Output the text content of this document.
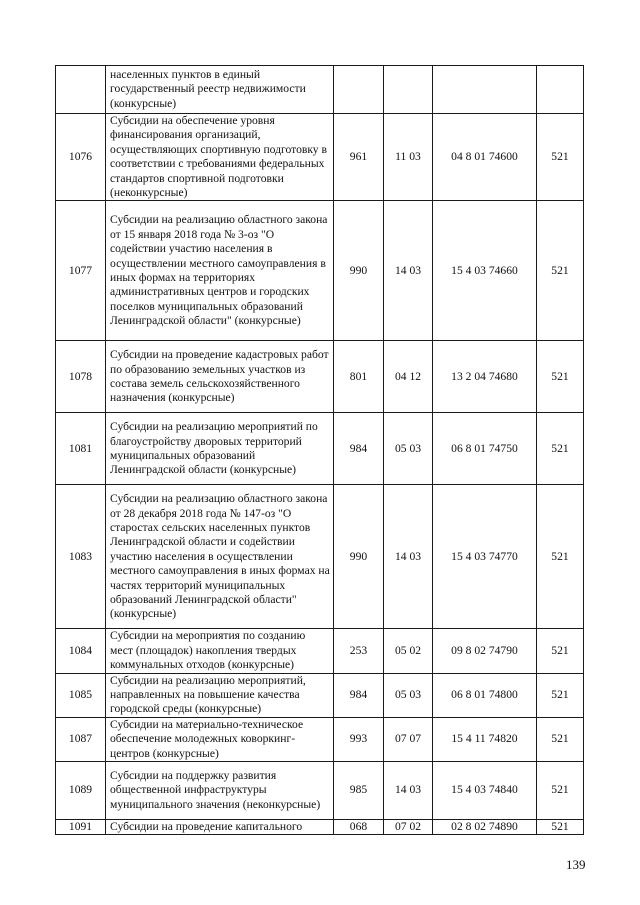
	населенных пунктов в единый государственный реестр недвижимости (конкурсные)				
1076	Субсидии на обеспечение уровня финансирования организаций, осуществляющих спортивную подготовку в соответствии с требованиями федеральных стандартов спортивной подготовки (неконкурсные)	961	11 03	04 8 01 74600	521
1077	Субсидии на реализацию областного закона от 15 января 2018 года № 3-оз "О содействии участию населения в осуществлении местного самоуправления в иных формах на территориях административных центров и городских поселков муниципальных образований Ленинградской области" (конкурсные)	990	14 03	15 4 03 74660	521
1078	Субсидии на проведение кадастровых работ по образованию земельных участков из состава земель сельскохозяйственного назначения (конкурсные)	801	04 12	13 2 04 74680	521
1081	Субсидии на реализацию мероприятий по благоустройству дворовых территорий муниципальных образований Ленинградской области (конкурсные)	984	05 03	06 8 01 74750	521
1083	Субсидии на реализацию областного закона от 28 декабря 2018 года № 147-оз "О старостах сельских населенных пунктов Ленинградской области и содействии участию населения в осуществлении местного самоуправления в иных формах на частях территорий муниципальных образований Ленинградской области" (конкурсные)	990	14 03	15 4 03 74770	521
1084	Субсидии на мероприятия по созданию мест (площадок) накопления твердых коммунальных отходов (конкурсные)	253	05 02	09 8 02 74790	521
1085	Субсидии на реализацию мероприятий, направленных на повышение качества городской среды (конкурсные)	984	05 03	06 8 01 74800	521
1087	Субсидии на материально-техническое обеспечение молодежных коворкинг-центров (конкурсные)	993	07 07	15 4 11 74820	521
1089	Субсидии на поддержку развития общественной инфраструктуры муниципального значения (неконкурсные)	985	14 03	15 4 03 74840	521
1091	Субсидии на проведение капитального	068	07 02	02 8 02 74890	521
139
